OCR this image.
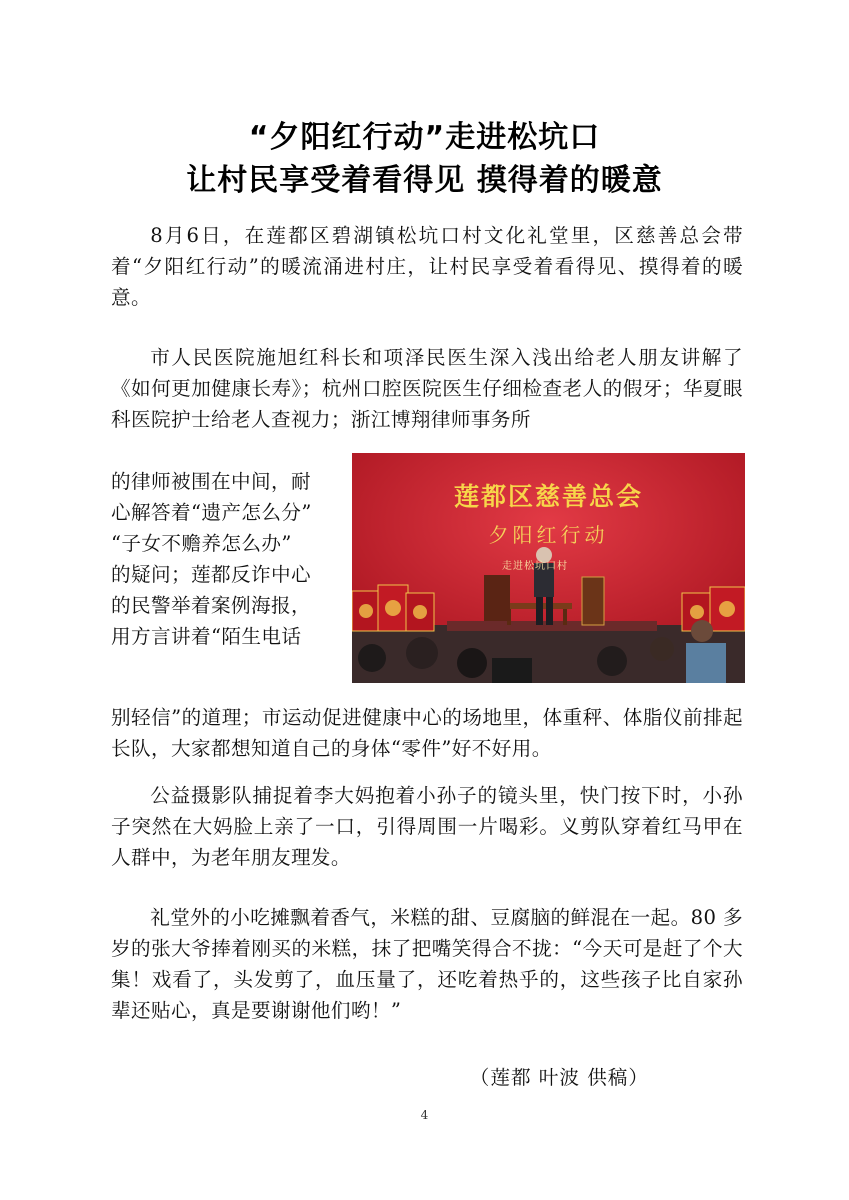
“夕阳红行动”走进松坑口
让村民享受着看得见 摸得着的暖意

8月6日，在莲都区碧湖镇松坑口村文化礼堂里，区慈善总会带着“夕阳红行动”的暖流涌进村庄，让村民享受着看得见、摸得着的暖意。

市人民医院施旭红科长和项泽民医生深入浅出给老人朋友讲解了《如何更加健康长寿》；杭州口腔医院医生仔细检查老人的假牙；华夏眼科医院护士给老人查视力；浙江博翔律师事务所

的律师被围在中间，耐
心解答着“遗产怎么分”
“子女不赡养怎么办”
的疑问；莲都反诈中心
的民警举着案例海报，
用方言讲着“陌生电话
莲都区慈善总会
夕阳红行动
走进松坑口村

别轻信”的道理；市运动促进健康中心的场地里，体重秤、体脂仪前排起长队，大家都想知道自己的身体“零件”好不好用。

公益摄影队捕捉着李大妈抱着小孙子的镜头里，快门按下时，小孙子突然在大妈脸上亲了一口，引得周围一片喝彩。义剪队穿着红马甲在人群中，为老年朋友理发。

礼堂外的小吃摊飘着香气，米糕的甜、豆腐脑的鲜混在一起。80 多岁的张大爷捧着刚买的米糕，抹了把嘴笑得合不拢：“今天可是赶了个大集！戏看了，头发剪了，血压量了，还吃着热乎的，这些孩子比自家孙辈还贴心，真是要谢谢他们哟！”

（莲都 叶波 供稿）
4
